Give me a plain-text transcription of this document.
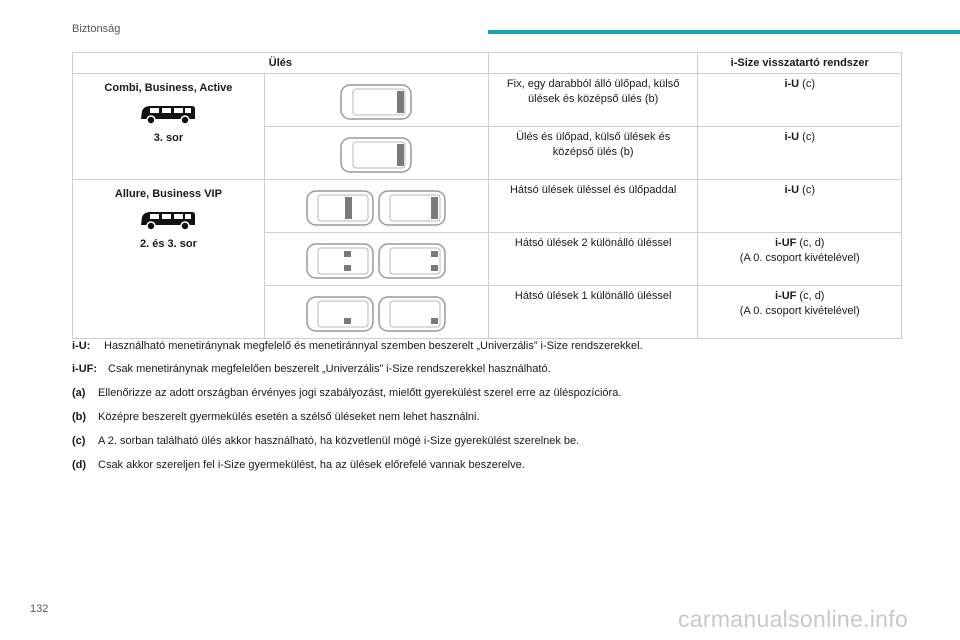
Biztonság
Ülés			i-Size visszatartó rendszer

Combi, Business, Active
3. sor		Fix, egy darabból álló ülőpad, külső ülések és középső ülés (b)	i-U (c)

	Ülés és ülőpad, külső ülések és középső ülés (b)	i-U (c)

Allure, Business VIP
2. és 3. sor		Hátsó ülések üléssel és ülőpaddal	i-U (c)

	Hátsó ülések 2 különálló üléssel	i-UF (c, d)
(A 0. csoport kivételével)

	Hátsó ülések 1 különálló üléssel	i-UF (c, d)
(A 0. csoport kivételével)
i-U: Használható menetiránynak megfelelő és menetiránnyal szemben beszerelt „Univerzális” i-Size rendszerekkel.
i-UF: Csak menetiránynak megfelelően beszerelt „Univerzális” i-Size rendszerekkel használható.
(a) Ellenőrizze az adott országban érvényes jogi szabályozást, mielőtt gyerekülést szerel erre az üléspozícióra.
(b) Középre beszerelt gyermekülés esetén a szélső üléseket nem lehet használni.
(c) A 2. sorban található ülés akkor használható, ha közvetlenül mögé i-Size gyerekülést szerelnek be.
(d) Csak akkor szereljen fel i-Size gyermekülést, ha az ülések előrefelé vannak beszerelve.
132	carmanualsonline.info
